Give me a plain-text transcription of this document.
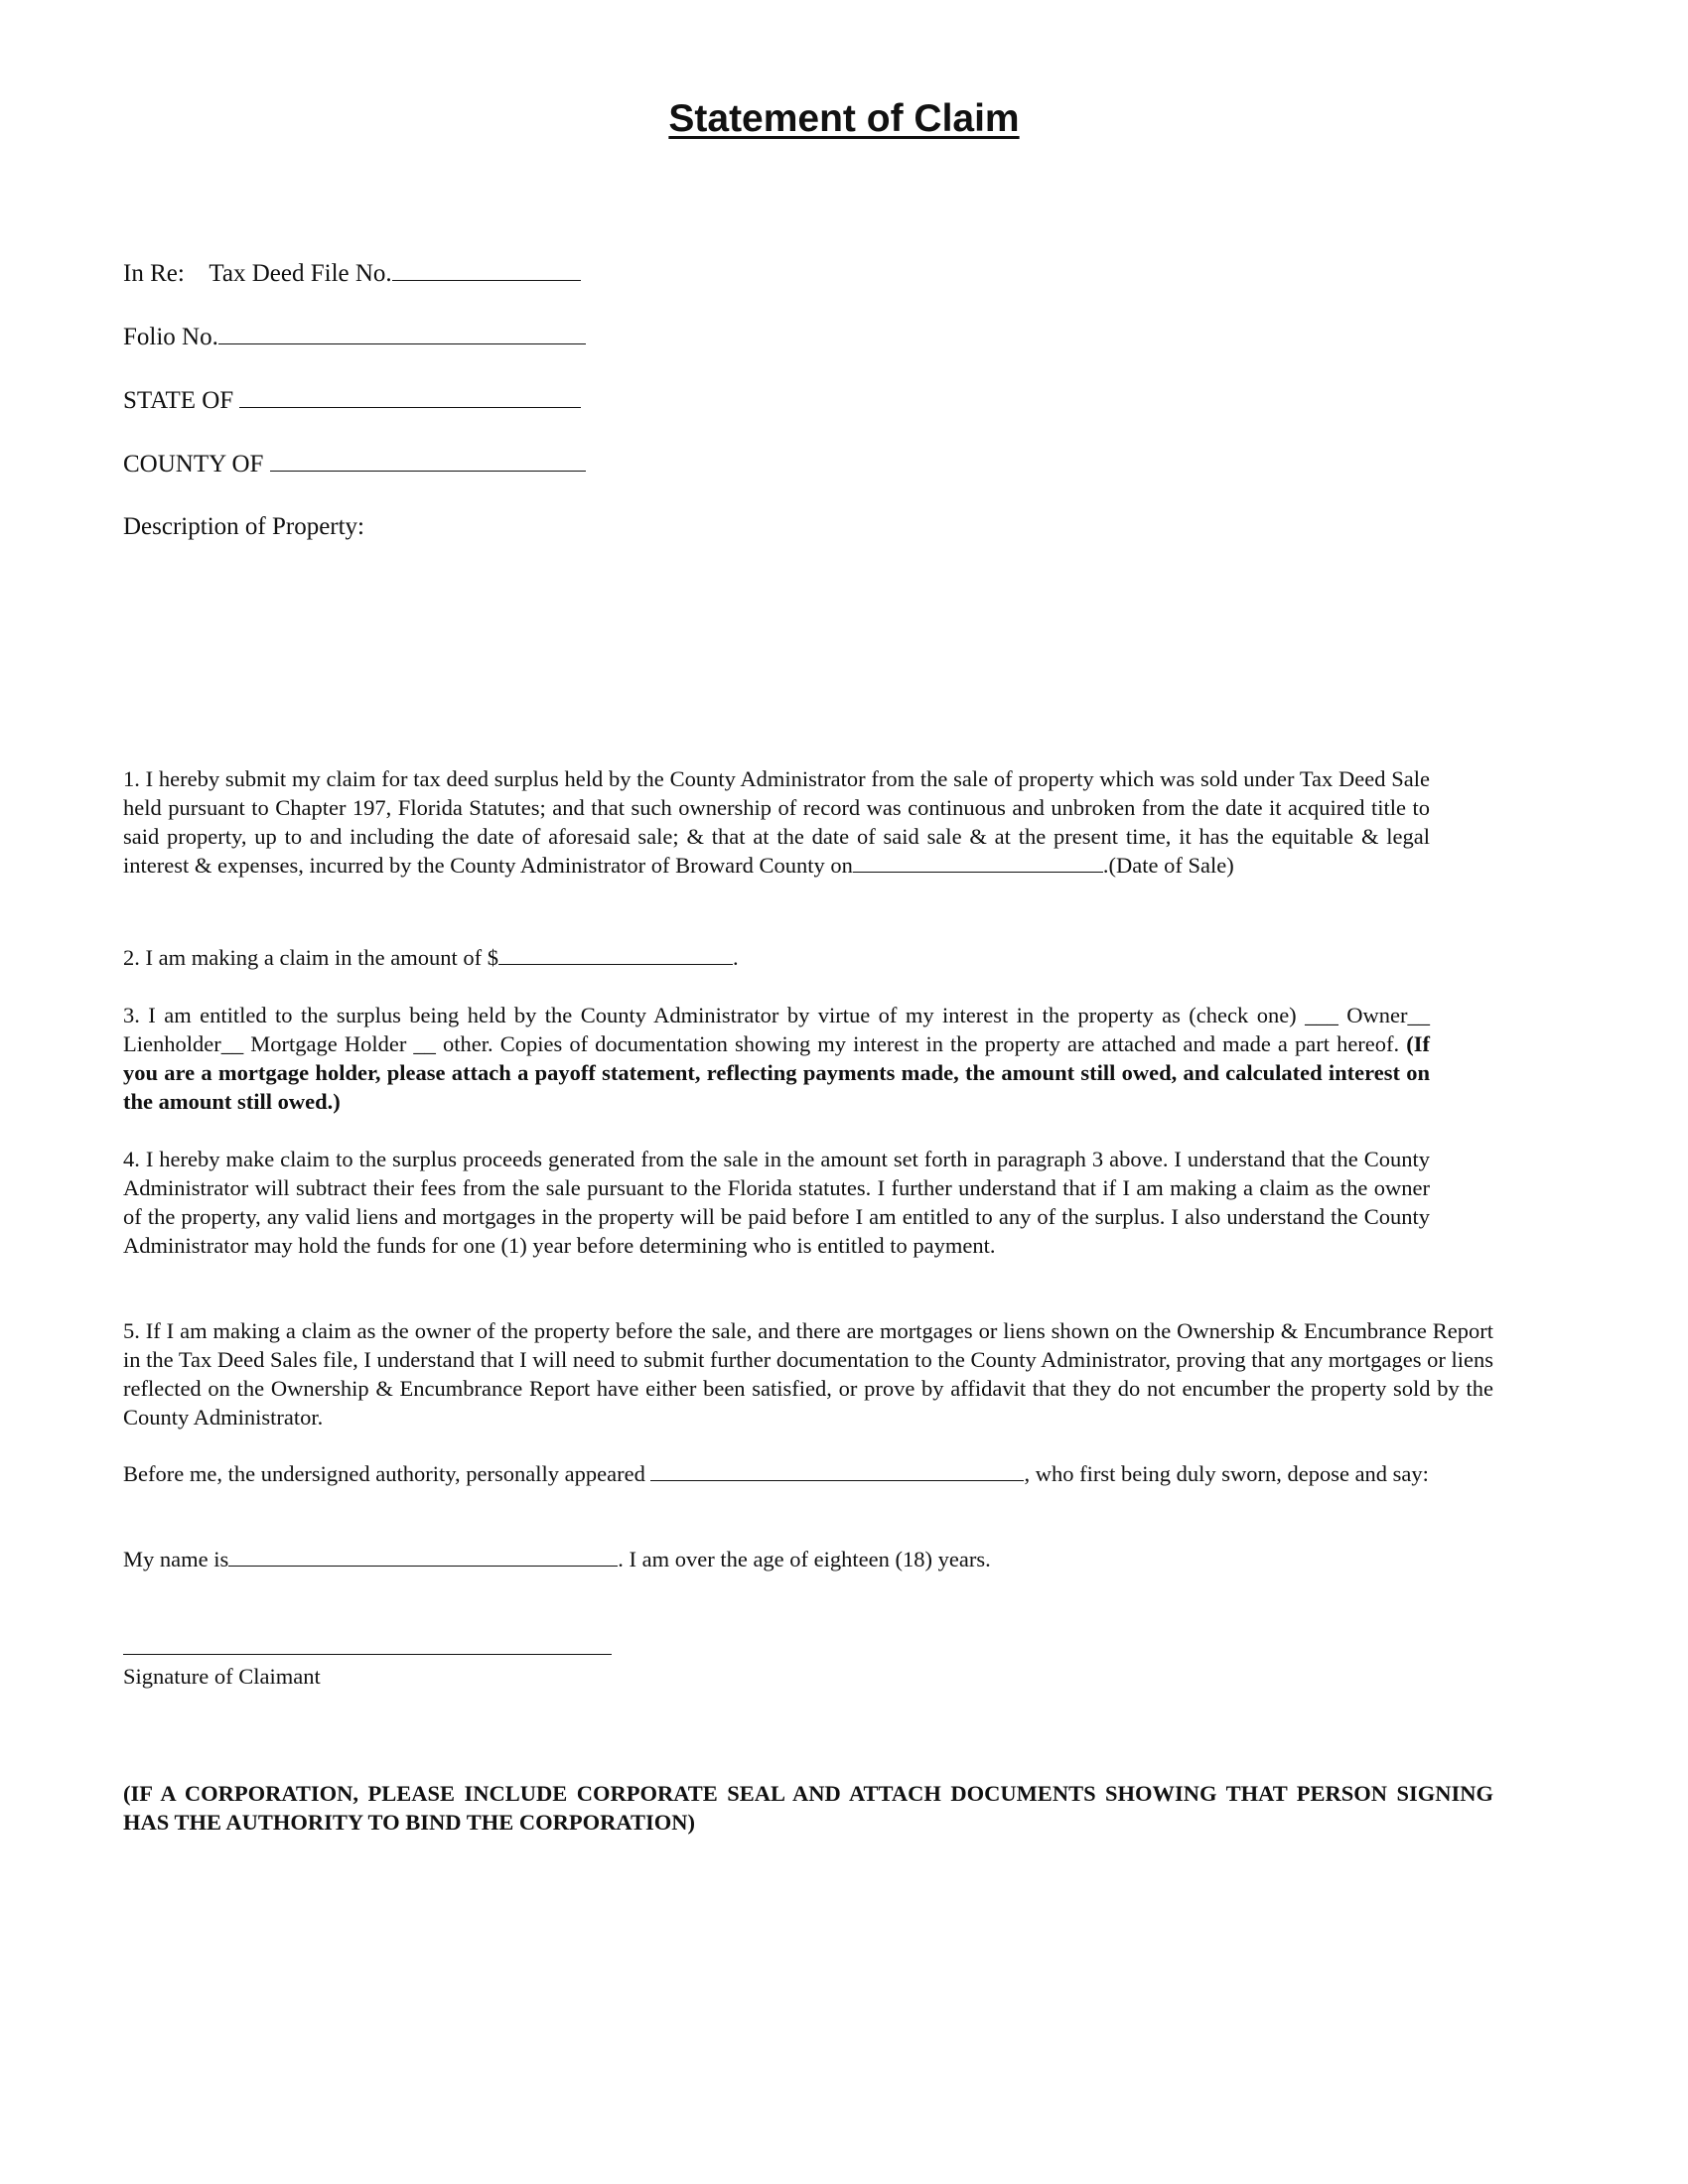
Statement of Claim
In Re: Tax Deed File No.
Folio No.
STATE OF
COUNTY OF
Description of Property:
1. I hereby submit my claim for tax deed surplus held by the County Administrator from the sale of property which was sold under Tax Deed Sale held pursuant to Chapter 197, Florida Statutes; and that such ownership of record was continuous and unbroken from the date it acquired title to said property, up to and including the date of aforesaid sale; & that at the date of said sale & at the present time, it has the equitable & legal interest & expenses, incurred by the County Administrator of Broward County on	.(Date of Sale)
2. I am making a claim in the amount of $	.
3. I am entitled to the surplus being held by the County Administrator by virtue of my interest in the property as (check one) ___ Owner__ Lienholder__ Mortgage Holder __ other. Copies of documentation showing my interest in the property are attached and made a part hereof. (If you are a mortgage holder, please attach a payoff statement, reflecting payments made, the amount still owed, and calculated interest on the amount still owed.)
4. I hereby make claim to the surplus proceeds generated from the sale in the amount set forth in paragraph 3 above. I understand that the County Administrator will subtract their fees from the sale pursuant to the Florida statutes. I further understand that if I am making a claim as the owner of the property, any valid liens and mortgages in the property will be paid before I am entitled to any of the surplus. I also understand the County Administrator may hold the funds for one (1) year before determining who is entitled to payment.
5. If I am making a claim as the owner of the property before the sale, and there are mortgages or liens shown on the Ownership & Encumbrance Report in the Tax Deed Sales file, I understand that I will need to submit further documentation to the County Administrator, proving that any mortgages or liens reflected on the Ownership & Encumbrance Report have either been satisfied, or prove by affidavit that they do not encumber the property sold by the County Administrator.
Before me, the undersigned authority, personally appeared	, who first being duly sworn, depose and say:
My name is	. I am over the age of eighteen (18) years.
Signature of Claimant
(IF A CORPORATION, PLEASE INCLUDE CORPORATE SEAL AND ATTACH DOCUMENTS SHOWING THAT PERSON SIGNING HAS THE AUTHORITY TO BIND THE CORPORATION)
